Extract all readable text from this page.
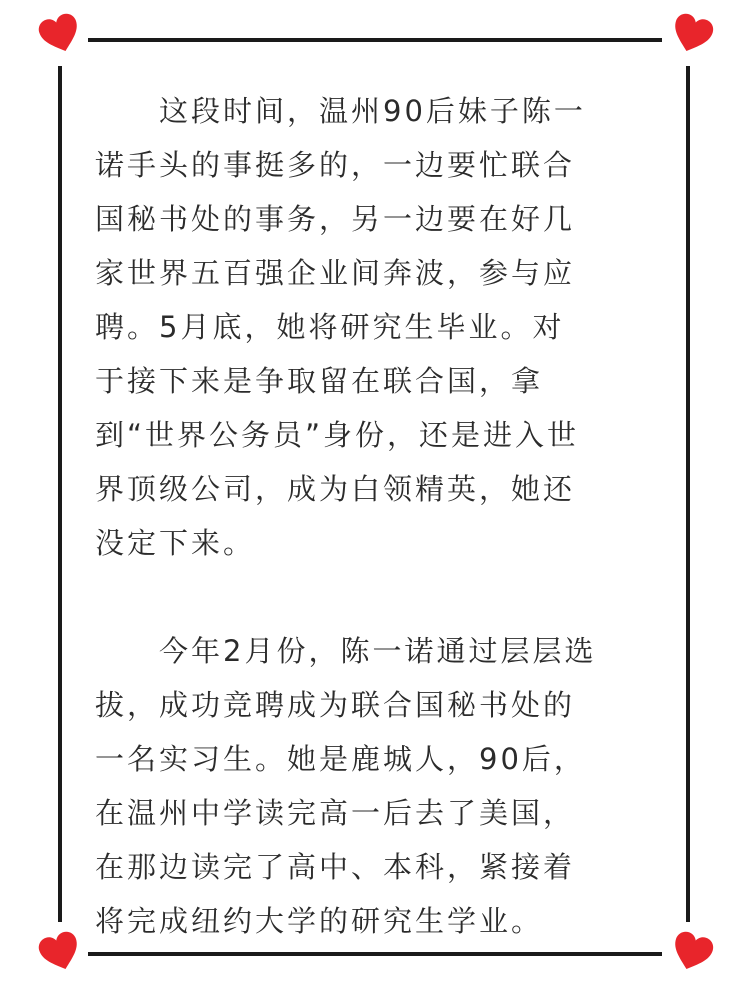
　　这段时间，温州90后妹子陈一
诺手头的事挺多的，一边要忙联合
国秘书处的事务，另一边要在好几
家世界五百强企业间奔波，参与应
聘。5月底，她将研究生毕业。对
于接下来是争取留在联合国，拿
到“世界公务员”身份，还是进入世
界顶级公司，成为白领精英，她还
没定下来。
　　今年2月份，陈一诺通过层层选
拔，成功竞聘成为联合国秘书处的
一名实习生。她是鹿城人，90后，
在温州中学读完高一后去了美国，
在那边读完了高中、本科，紧接着
将完成纽约大学的研究生学业。
